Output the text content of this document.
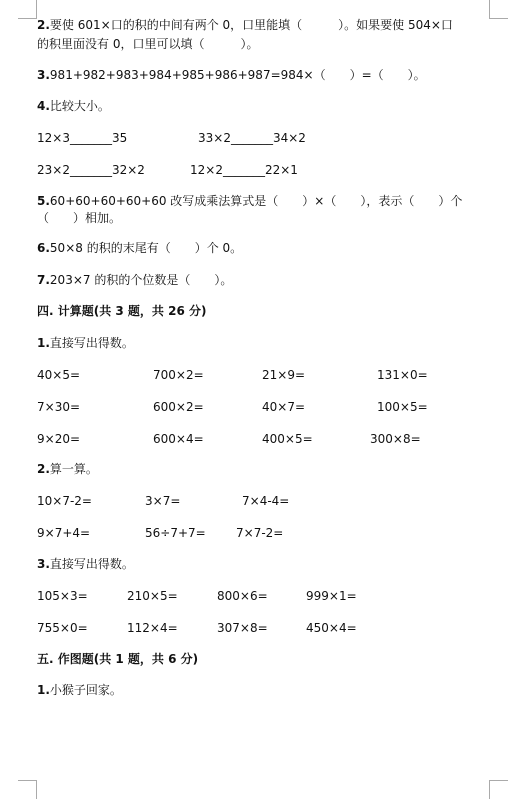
2.要使 601×口的积的中间有两个 0，口里能填（　　　）。如果要使 504×口
的积里面没有 0，口里可以填（　　　）。
3.981+982+983+984+985+986+987=984×（　　）=（　　）。
4.比较大小。
12×3_______35	33×2_______34×2
23×2_______32×2	12×2_______22×1
5.60+60+60+60+60 改写成乘法算式是（　　）×（　　），表示（　　）个
（　　）相加。
6.50×8 的积的末尾有（　　）个 0。
7.203×7 的积的个位数是（　　）。
四. 计算题(共 3 题，共 26 分)
1.直接写出得数。
40×5=	700×2=	21×9=	131×0=
7×30=	600×2=	40×7=	100×5=
9×20=	600×4=	400×5=	300×8=
2.算一算。
10×7-2=	3×7=	7×4-4=
9×7+4=	56÷7+7=	7×7-2=
3.直接写出得数。
105×3=	210×5=	800×6=	999×1=
755×0=	112×4=	307×8=	450×4=
五. 作图题(共 1 题，共 6 分)
1.小猴子回家。
